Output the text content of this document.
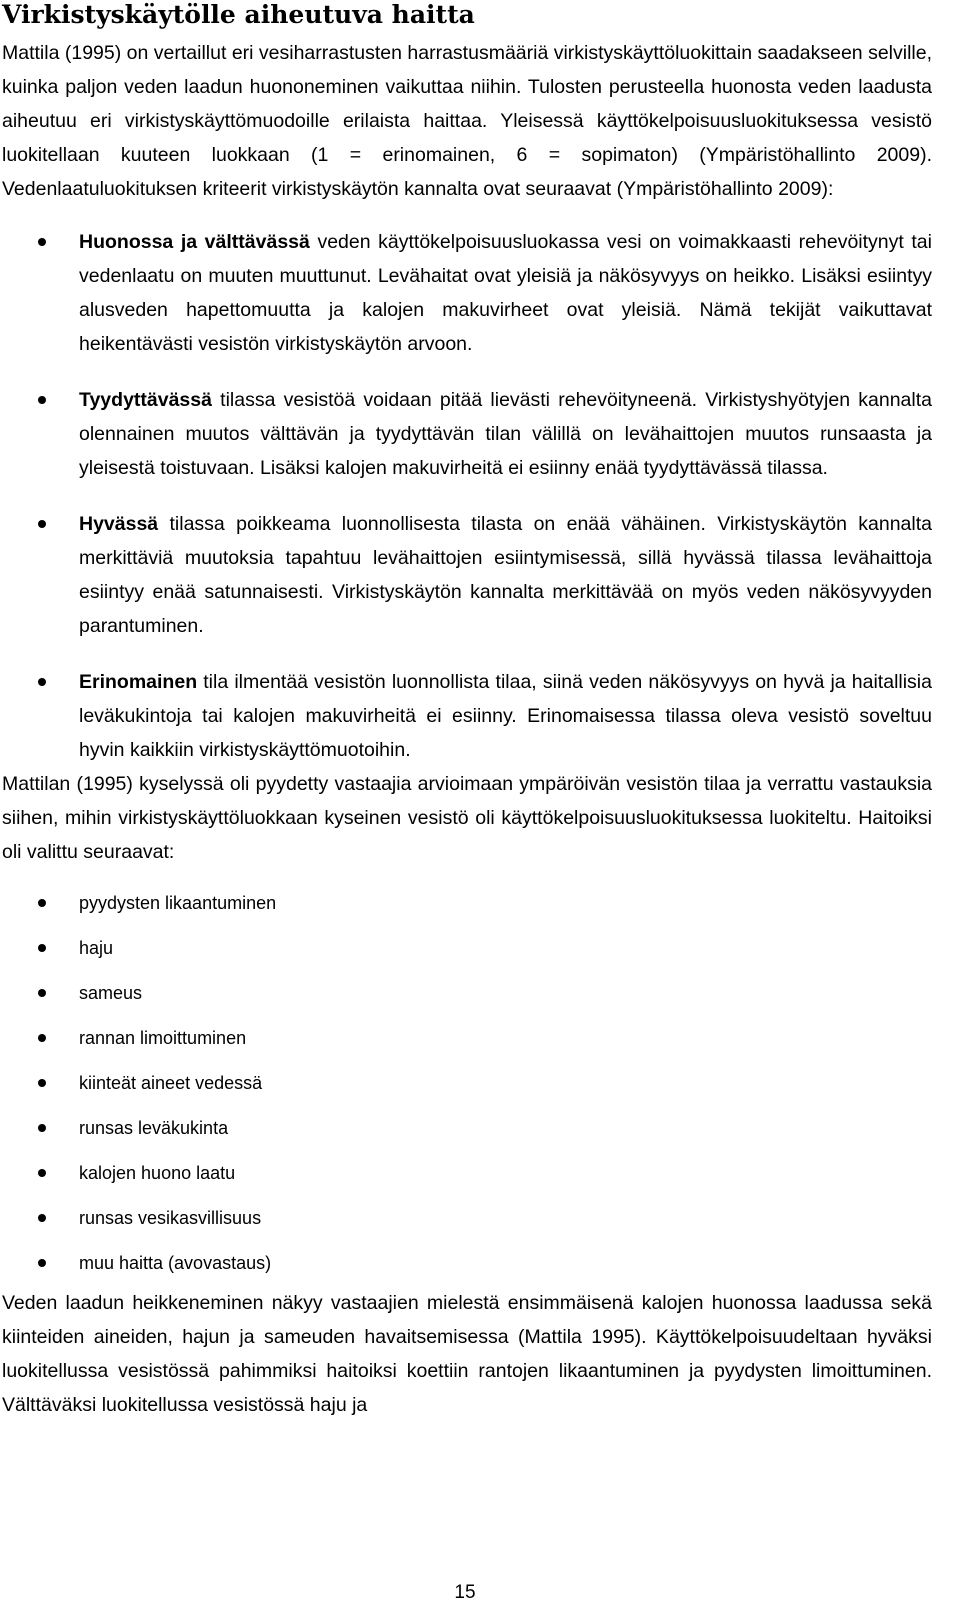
Virkistyskäytölle aiheutuva haitta

Mattila (1995) on vertaillut eri vesiharrastusten harrastusmääriä virkistyskäyttöluokittain saadakseen selville, kuinka paljon veden laadun huononeminen vaikuttaa niihin. Tulosten perusteella huonosta veden laadusta aiheutuu eri virkistyskäyttömuodoille erilaista haittaa. Yleisessä käyttökelpoisuusluokituksessa vesistö luokitellaan kuuteen luokkaan (1 = erinomainen, 6 = sopimaton) (Ympäristöhallinto 2009). Vedenlaatuluokituksen kriteerit virkistyskäytön kannalta ovat seuraavat (Ympäristöhallinto 2009):

Huonossa ja välttävässä veden käyttökelpoisuusluokassa vesi on voimakkaasti rehevöitynyt tai vedenlaatu on muuten muuttunut. Levähaitat ovat yleisiä ja näkösyvyys on heikko. Lisäksi esiintyy alusveden hapettomuutta ja kalojen makuvirheet ovat yleisiä. Nämä tekijät vaikuttavat heikentävästi vesistön virkistyskäytön arvoon.
Tyydyttävässä tilassa vesistöä voidaan pitää lievästi rehevöityneenä. Virkistyshyötyjen kannalta olennainen muutos välttävän ja tyydyttävän tilan välillä on levähaittojen muutos runsaasta ja yleisestä toistuvaan. Lisäksi kalojen makuvirheitä ei esiinny enää tyydyttävässä tilassa.
Hyvässä tilassa poikkeama luonnollisesta tilasta on enää vähäinen. Virkistyskäytön kannalta merkittäviä muutoksia tapahtuu levähaittojen esiintymisessä, sillä hyvässä tilassa levähaittoja esiintyy enää satunnaisesti. Virkistyskäytön kannalta merkittävää on myös veden näkösyvyyden parantuminen.
Erinomainen tila ilmentää vesistön luonnollista tilaa, siinä veden näkösyvyys on hyvä ja haitallisia leväkukintoja tai kalojen makuvirheitä ei esiinny. Erinomaisessa tilassa oleva vesistö soveltuu hyvin kaikkiin virkistyskäyttömuotoihin.

Mattilan (1995) kyselyssä oli pyydetty vastaajia arvioimaan ympäröivän vesistön tilaa ja verrattu vastauksia siihen, mihin virkistyskäyttöluokkaan kyseinen vesistö oli käyttökelpoisuusluokituksessa luokiteltu. Haitoiksi oli valittu seuraavat:

pyydysten likaantuminen
haju
sameus
rannan limoittuminen
kiinteät aineet vedessä
runsas leväkukinta
kalojen huono laatu
runsas vesikasvillisuus
muu haitta (avovastaus)

Veden laadun heikkeneminen näkyy vastaajien mielestä ensimmäisenä kalojen huonossa laadussa sekä kiinteiden aineiden, hajun ja sameuden havaitsemisessa (Mattila 1995). Käyttökelpoisuudeltaan hyväksi luokitellussa vesistössä pahimmiksi haitoiksi koettiin rantojen likaantuminen ja pyydysten limoittuminen. Välttäväksi luokitellussa vesistössä haju ja

15
